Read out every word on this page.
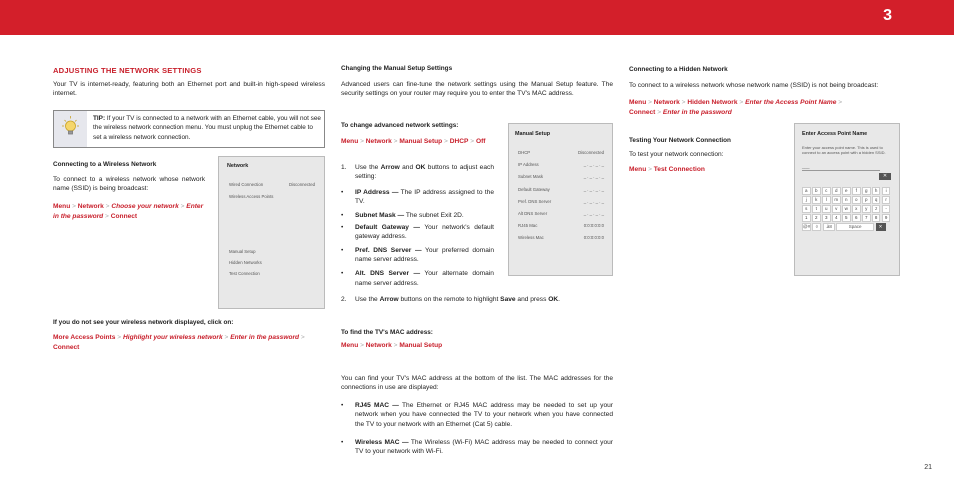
3
ADJUSTING THE NETWORK SETTINGS

Your TV is internet-ready, featuring both an Ethernet port and built-in high-speed wireless internet.

TIP: If your TV is connected to a network with an Ethernet cable, you will not see the wireless network connection menu. You must unplug the Ethernet cable to set a wireless network connection.
Connecting to a Wireless Network

To connect to a wireless network whose network name (SSID) is being broadcast:

Menu > Network > Choose your network > Enter in the password > Connect

Network
Wired Connection	Disconnected
Wireless Access Points
Manual Setup
Hidden Networks
Test Connection
If you do not see your wireless network displayed, click on:

More Access Points > Highlight your wireless network > Enter in the password > Connect

Changing the Manual Setup Settings

Advanced users can fine-tune the network settings using the Manual Setup feature. The security settings on your router may require you to enter the TV's MAC address.

To change advanced network settings:

Menu > Network > Manual Setup > DHCP > Off

1. Use the Arrow and OK buttons to adjust each setting:
• IP Address — The IP address assigned to the TV.
• Subnet Mask — The subnet Exit 2D.
• Default Gateway — Your network's default gateway address.
• Pref. DNS Server — Your preferred domain name server address.
• Alt. DNS Server — Your alternate domain name server address.
Manual Setup
DHCP	Disconnected
IP Address	_ . _ . _ . _
Subnet Mask	_ . _ . _ . _
Default Gateway	_ . _ . _ . _
Pref. DNS Server	_ . _ . _ . _
Alt DNS Server	_ . _ . _ . _
RJ45 Mac	0:0:0:0:0:0
Wireless Mac	0:0:0:0:0:0
2. Use the Arrow buttons on the remote to highlight Save and press OK.
To find the TV's MAC address:

Menu > Network > Manual Setup

You can find your TV's MAC address at the bottom of the list. The MAC addresses for the connections in use are displayed:

• RJ45 MAC — The Ethernet or RJ45 MAC address may be needed to set up your network when you have connected the TV to your network when you have connected the TV to your network with an Ethernet (Cat 5) cable.
• Wireless MAC — The Wireless (Wi-Fi) MAC address may be needed to connect your TV to your network with Wi-Fi.
Connecting to a Hidden Network

To connect to a wireless network whose network name (SSID) is not being broadcast:

Menu > Network > Hidden Network > Enter the Access Point Name >
Connect > Enter in the password

Testing Your Network Connection

To test your network connection:

Menu > Test Connection

Enter Access Point Name
Enter your access point name. This is used to connect to an access point with a hidden SSID.
___
✕
a	b	c	d	e	f	g	h	i
j	k	l	m	n	o	p	q	r
s	t	u	v	w	x	y	z	-
1	2	3	4	5	6	7	8	9
@#	◊	.à8	Space	✕
21
